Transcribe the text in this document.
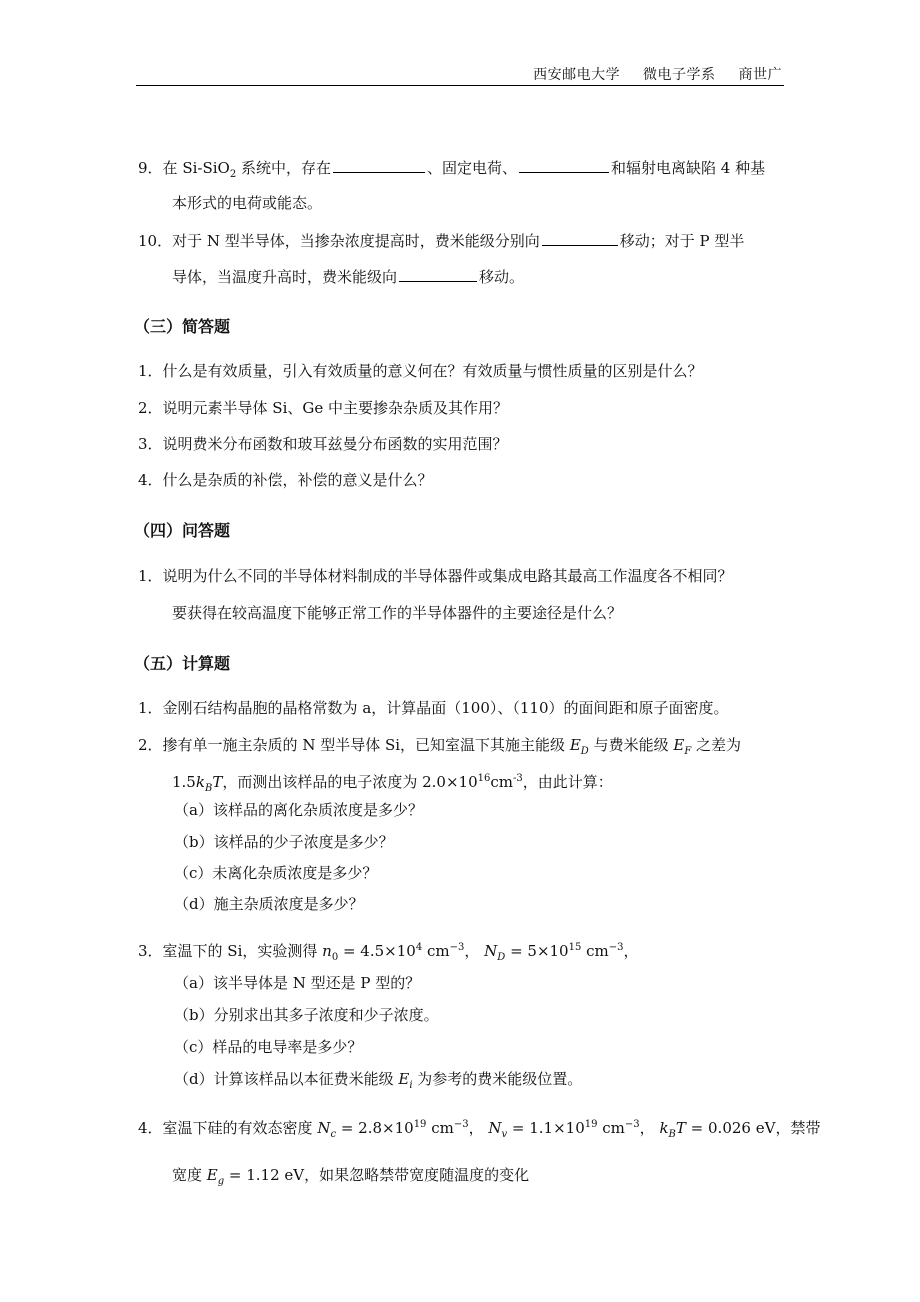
西安邮电大学 微电子学系 商世广
9．在 Si-SiO$_2$ 系统中，存在	、固定电荷、	和辐射电离缺陷 4 种基
本形式的电荷或能态。
10．对于 N 型半导体，当掺杂浓度提高时，费米能级分别向	移动；对于 P 型半
导体，当温度升高时，费米能级向	移动。
（三）简答题
1．什么是有效质量，引入有效质量的意义何在？有效质量与惯性质量的区别是什么？
2．说明元素半导体 Si、Ge 中主要掺杂杂质及其作用？
3．说明费米分布函数和玻耳兹曼分布函数的实用范围？
4．什么是杂质的补偿，补偿的意义是什么？
（四）问答题
1．说明为什么不同的半导体材料制成的半导体器件或集成电路其最高工作温度各不相同？
要获得在较高温度下能够正常工作的半导体器件的主要途径是什么？
（五）计算题
1．金刚石结构晶胞的晶格常数为 a，计算晶面（100）、（110）的面间距和原子面密度。
2．掺有单一施主杂质的 N 型半导体 Si，已知室温下其施主能级 $E_D$ 与费米能级 $E_F$ 之差为
$1.5k_BT$，而测出该样品的电子浓度为 $2.0\times 10^{16}cm^{-3}$，由此计算：
（a）该样品的离化杂质浓度是多少？
（b）该样品的少子浓度是多少？
（c）未离化杂质浓度是多少？
（d）施主杂质浓度是多少？
3．室温下的 Si，实验测得 $n_0 = 4.5\times 10^4$ $cm^{-3}$， $N_D = 5\times 10^{15}$ $cm^{-3}$，
（a）该半导体是 N 型还是 P 型的？
（b）分别求出其多子浓度和少子浓度。
（c）样品的电导率是多少？
（d）计算该样品以本征费米能级 $E_i$ 为参考的费米能级位置。
4．室温下硅的有效态密度 $N_c = 2.8\times 10^{19}$ $cm^{-3}$， $N_v = 1.1\times 10^{19}$ $cm^{-3}$， $k_BT = 0.026$ eV，禁带
宽度 $E_g = 1.12$ eV，如果忽略禁带宽度随温度的变化
